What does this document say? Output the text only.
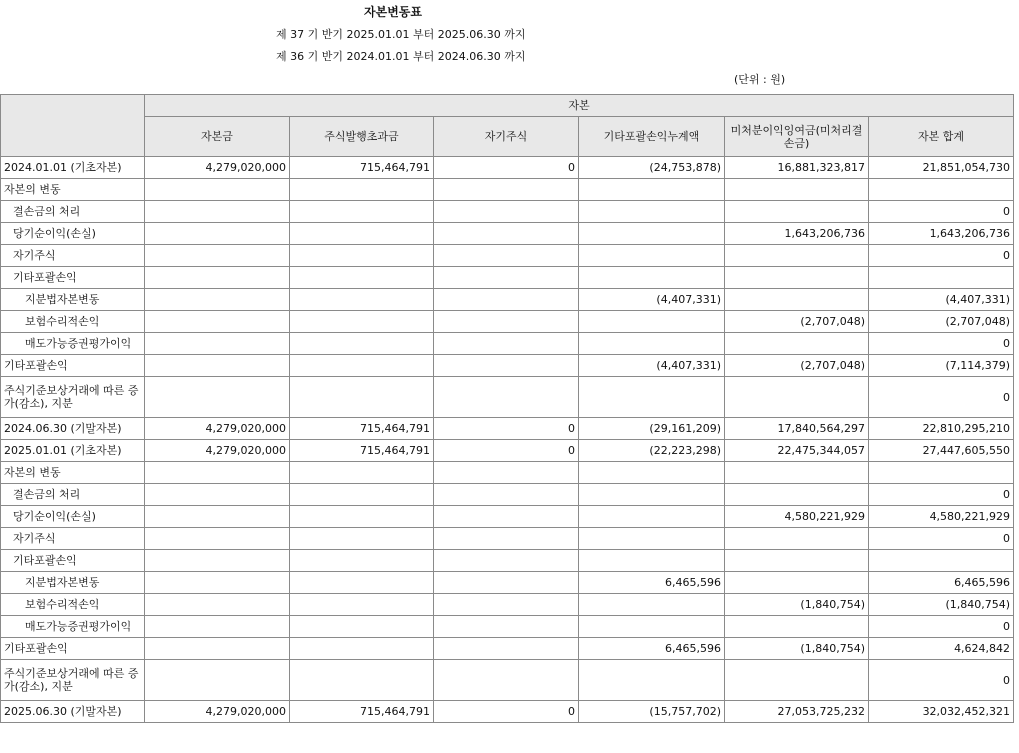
자본변동표
제 37 기 반기 2025.01.01 부터 2025.06.30 까지
제 36 기 반기 2024.01.01 부터 2024.06.30 까지
(단위 : 원)
	자본					
	자본금	주식발행초과금	자기주식	기타포괄손익누계액	미처분이익잉여금(미처리결손금)	자본 합계
2024.01.01 (기초자본)	4,279,020,000	715,464,791	0	(24,753,878)	16,881,323,817	21,851,054,730
자본의 변동						
결손금의 처리						0
당기순이익(손실)					1,643,206,736	1,643,206,736
자기주식						0
기타포괄손익						
지분법자본변동				(4,407,331)		(4,407,331)
보험수리적손익					(2,707,048)	(2,707,048)
매도가능증권평가이익						0
기타포괄손익				(4,407,331)	(2,707,048)	(7,114,379)
주식기준보상거래에 따른 증가(감소), 지분						0
2024.06.30 (기말자본)	4,279,020,000	715,464,791	0	(29,161,209)	17,840,564,297	22,810,295,210
2025.01.01 (기초자본)	4,279,020,000	715,464,791	0	(22,223,298)	22,475,344,057	27,447,605,550
자본의 변동						
결손금의 처리						0
당기순이익(손실)					4,580,221,929	4,580,221,929
자기주식						0
기타포괄손익						
지분법자본변동				6,465,596		6,465,596
보험수리적손익					(1,840,754)	(1,840,754)
매도가능증권평가이익						0
기타포괄손익				6,465,596	(1,840,754)	4,624,842
주식기준보상거래에 따른 증가(감소), 지분						0
2025.06.30 (기말자본)	4,279,020,000	715,464,791	0	(15,757,702)	27,053,725,232	32,032,452,321
